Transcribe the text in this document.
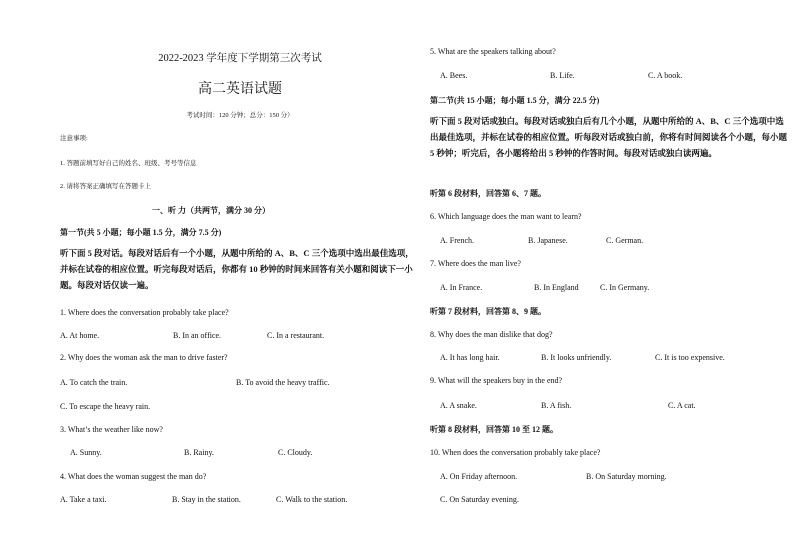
2022-2023 学年度下学期第三次考试
高二英语试题
考试时间：120 分钟；总分：150 分）
注意事项:
1. 答题前填写好自己的姓名、班级、考号等信息
2. 请将答案正确填写在答题卡上
一、听 力（共两节，满分 30 分）
第一节(共 5 小题；每小题 1.5 分，满分 7.5 分)
听下面 5 段对话。每段对话后有一个小题，从题中所给的 A、B、C 三个选项中选出最佳选项，并标在试卷的相应位置。听完每段对话后，你都有 10 秒钟的时间来回答有关小题和阅读下一小题。每段对话仅读一遍。
1. Where does the conversation probably take place?
A. At home.	B. In an office.	C. In a restaurant.
2. Why does the woman ask the man to drive faster?
A. To catch the train.	B. To avoid the heavy traffic.
C. To escape the heavy rain.
3. What’s the weather like now?
A. Sunny.	B. Rainy.	C. Cloudy.
4. What does the woman suggest the man do?
A. Take a taxi.	B. Stay in the station.	C. Walk to the station.
5. What are the speakers talking about?
A. Bees.	B. Life.	C. A book.
第二节(共 15 小题；每小题 1.5 分，满分 22.5 分)
听下面 5 段对话或独白。每段对话或独白后有几个小题，从题中所给的 A、B、C 三个选项中选出最佳选项，并标在试卷的相应位置。听每段对话或独白前，你将有时间阅读各个小题，每小题 5 秒钟；听完后，各小题将给出 5 秒钟的作答时间。每段对话或独白读两遍。
听第 6 段材料，回答第 6、7 题。
6. Which language does the man want to learn?
A. French.	B. Japanese.	C. German.
7. Where does the man live?
A. In France.	B. In England	C. In Germany.
听第 7 段材料，回答第 8、9 题。
8. Why does the man dislike that dog?
A. It has long hair.	B. It looks unfriendly.	C. It is too expensive.
9. What will the speakers buy in the end?
A. A snake.	B. A fish.	C. A cat.
听第 8 段材料，回答第 10 至 12 题。
10. When does the conversation probably take place?
A. On Friday afternoon.	B. On Saturday morning.
C. On Saturday evening.
